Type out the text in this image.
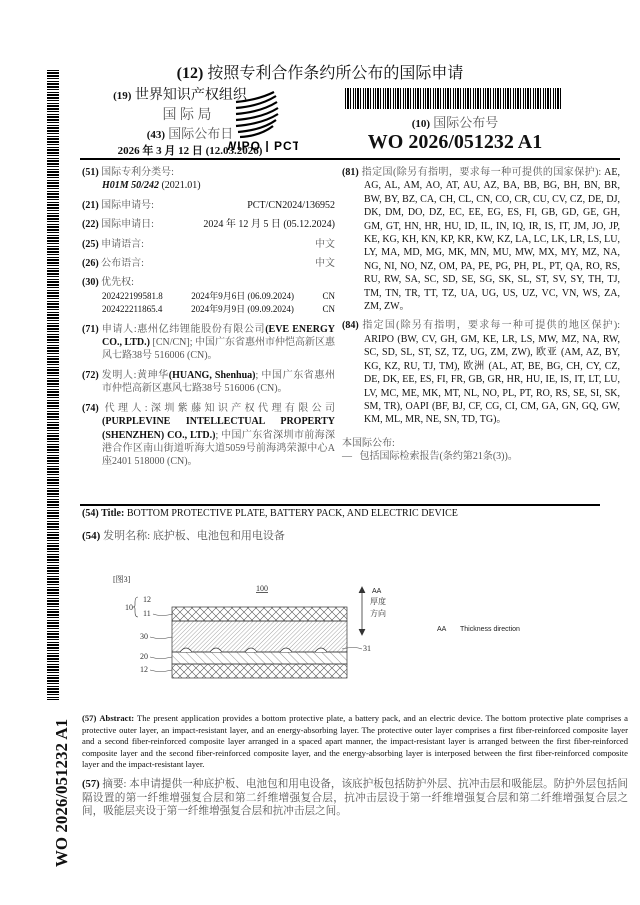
(12) 按照专利合作条约所公布的国际申请
(19) 世界知识产权组织
国 际 局
(43) 国际公布日
2026 年 3 月 12 日 (12.03.2026)
WIPO | PCT
(10) 国际公布号
WO 2026/051232 A1
(51) 国际专利分类号:
H01M 50/242 (2021.01)
(21) 国际申请号:	PCT/CN2024/136952
(22) 国际申请日:	2024 年 12 月 5 日 (05.12.2024)
(25) 申请语言:	中文
(26) 公布语言:	中文
(30) 优先权:
202422199581.8	2024年9月6日 (06.09.2024)	CN
202422211865.4	2024年9月9日 (09.09.2024)	CN
(71) 申请人:惠州亿纬锂能股份有限公司(EVE ENERGY CO., LTD.) [CN/CN]; 中国广东省惠州市仲恺高新区惠风七路38号 516006 (CN)。
(72) 发明人:黄珅华(HUANG, Shenhua); 中国广东省惠州市仲恺高新区惠风七路38号 516006 (CN)。
(74) 代理人:深圳紫藤知识产权代理有限公司(PURPLEVINE INTELLECTUAL PROPERTY (SHENZHEN) CO., LTD.); 中国广东省深圳市前海深港合作区南山街道听海大道5059号前海鸿荣源中心A座2401 518000 (CN)。
(81) 指定国(除另有指明，要求每一种可提供的国家保护): AE, AG, AL, AM, AO, AT, AU, AZ, BA, BB, BG, BH, BN, BR, BW, BY, BZ, CA, CH, CL, CN, CO, CR, CU, CV, CZ, DE, DJ, DK, DM, DO, DZ, EC, EE, EG, ES, FI, GB, GD, GE, GH, GM, GT, HN, HR, HU, ID, IL, IN, IQ, IR, IS, IT, JM, JO, JP, KE, KG, KH, KN, KP, KR, KW, KZ, LA, LC, LK, LR, LS, LU, LY, MA, MD, MG, MK, MN, MU, MW, MX, MY, MZ, NA, NG, NI, NO, NZ, OM, PA, PE, PG, PH, PL, PT, QA, RO, RS, RU, RW, SA, SC, SD, SE, SG, SK, SL, ST, SV, SY, TH, TJ, TM, TN, TR, TT, TZ, UA, UG, US, UZ, VC, VN, WS, ZA, ZM, ZW。
(84) 指定国(除另有指明，要求每一种可提供的地区保护): ARIPO (BW, CV, GH, GM, KE, LR, LS, MW, MZ, NA, RW, SC, SD, SL, ST, SZ, TZ, UG, ZM, ZW), 欧亚 (AM, AZ, BY, KG, KZ, RU, TJ, TM), 欧洲 (AL, AT, BE, BG, CH, CY, CZ, DE, DK, EE, ES, FI, FR, GB, GR, HR, HU, IE, IS, IT, LT, LU, LV, MC, ME, MK, MT, NL, NO, PL, PT, RO, RS, SE, SI, SK, SM, TR), OAPI (BF, BJ, CF, CG, CI, CM, GA, GN, GQ, GW, KM, ML, MR, NE, SN, TD, TG)。
本国际公布:
— 包括国际检索报告(条约第21条(3))。
(54) Title: BOTTOM PROTECTIVE PLATE, BATTERY PACK, AND ELECTRIC DEVICE
(54) 发明名称: 底护板、电池包和用电设备
[图3]
100
10
12
11
30
20
12
31
厚度
方向
AA
AA Thickness direction
(57) Abstract: The present application provides a bottom protective plate, a battery pack, and an electric device. The bottom protective plate comprises a protective outer layer, an impact-resistant layer, and an energy-absorbing layer. The protective outer layer comprises a first fiber-reinforced composite layer and a second fiber-reinforced composite layer arranged in a spaced apart manner, the impact-resistant layer is arranged between the first fiber-reinforced composite layer and the second fiber-reinforced composite layer, and the energy-absorbing layer is interposed between the first fiber-reinforced composite layer and the impact-resistant layer.
(57) 摘要: 本申请提供一种底护板、电池包和用电设备，该底护板包括防护外层、抗冲击层和吸能层。防护外层包括间隔设置的第一纤维增强复合层和第二纤维增强复合层，抗冲击层设于第一纤维增强复合层和第二纤维增强复合层之间，吸能层夹设于第一纤维增强复合层和抗冲击层之间。
WO 2026/051232 A1
